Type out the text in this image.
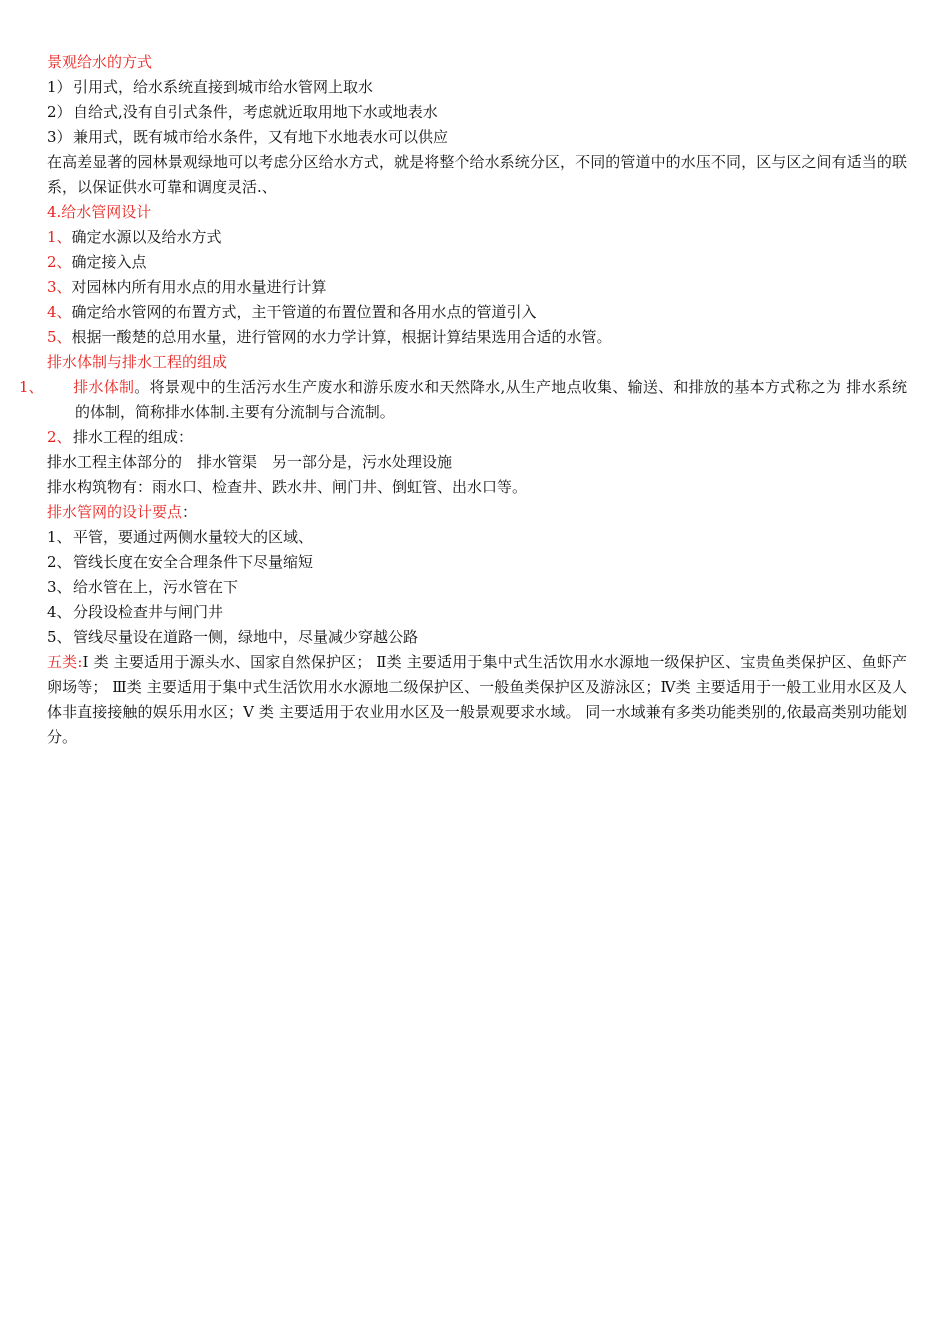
景观给水的方式
1）引用式，给水系统直接到城市给水管网上取水
2）自给式,没有自引式条件，考虑就近取用地下水或地表水
3）兼用式，既有城市给水条件，又有地下水地表水可以供应
在高差显著的园林景观绿地可以考虑分区给水方式，就是将整个给水系统分区，不同的管道中的水压不同，区与区之间有适当的联系，以保证供水可靠和调度灵活.、
4.给水管网设计
1、确定水源以及给水方式
2、确定接入点
3、对园林内所有用水点的用水量进行计算
4、确定给水管网的布置方式，主干管道的布置位置和各用水点的管道引入
5、根据一酸楚的总用水量，进行管网的水力学计算，根据计算结果选用合适的水管。
排水体制与排水工程的组成
1、 排水体制。将景观中的生活污水生产废水和游乐废水和天然降水,从生产地点收集、输送、和排放的基本方式称之为 排水系统的体制，简称排水体制.主要有分流制与合流制。
2、排水工程的组成：
排水工程主体部分的　排水管渠　另一部分是，污水处理设施
排水构筑物有：雨水口、检查井、跌水井、闸门井、倒虹管、出水口等。
排水管网的设计要点：
1、平管，要通过两侧水量较大的区域、
2、管线长度在安全合理条件下尽量缩短
3、给水管在上，污水管在下
4、分段设检查井与闸门井
5、管线尽量设在道路一侧，绿地中，尽量减少穿越公路
五类:Ⅰ 类 主要适用于源头水、国家自然保护区； Ⅱ类 主要适用于集中式生活饮用水水源地一级保护区、宝贵鱼类保护区、鱼虾产卵场等； Ⅲ类 主要适用于集中式生活饮用水水源地二级保护区、一般鱼类保护区及游泳区；Ⅳ类 主要适用于一般工业用水区及人体非直接接触的娱乐用水区；Ⅴ 类 主要适用于农业用水区及一般景观要求水域。 同一水域兼有多类功能类别的,依最高类别功能划分。
